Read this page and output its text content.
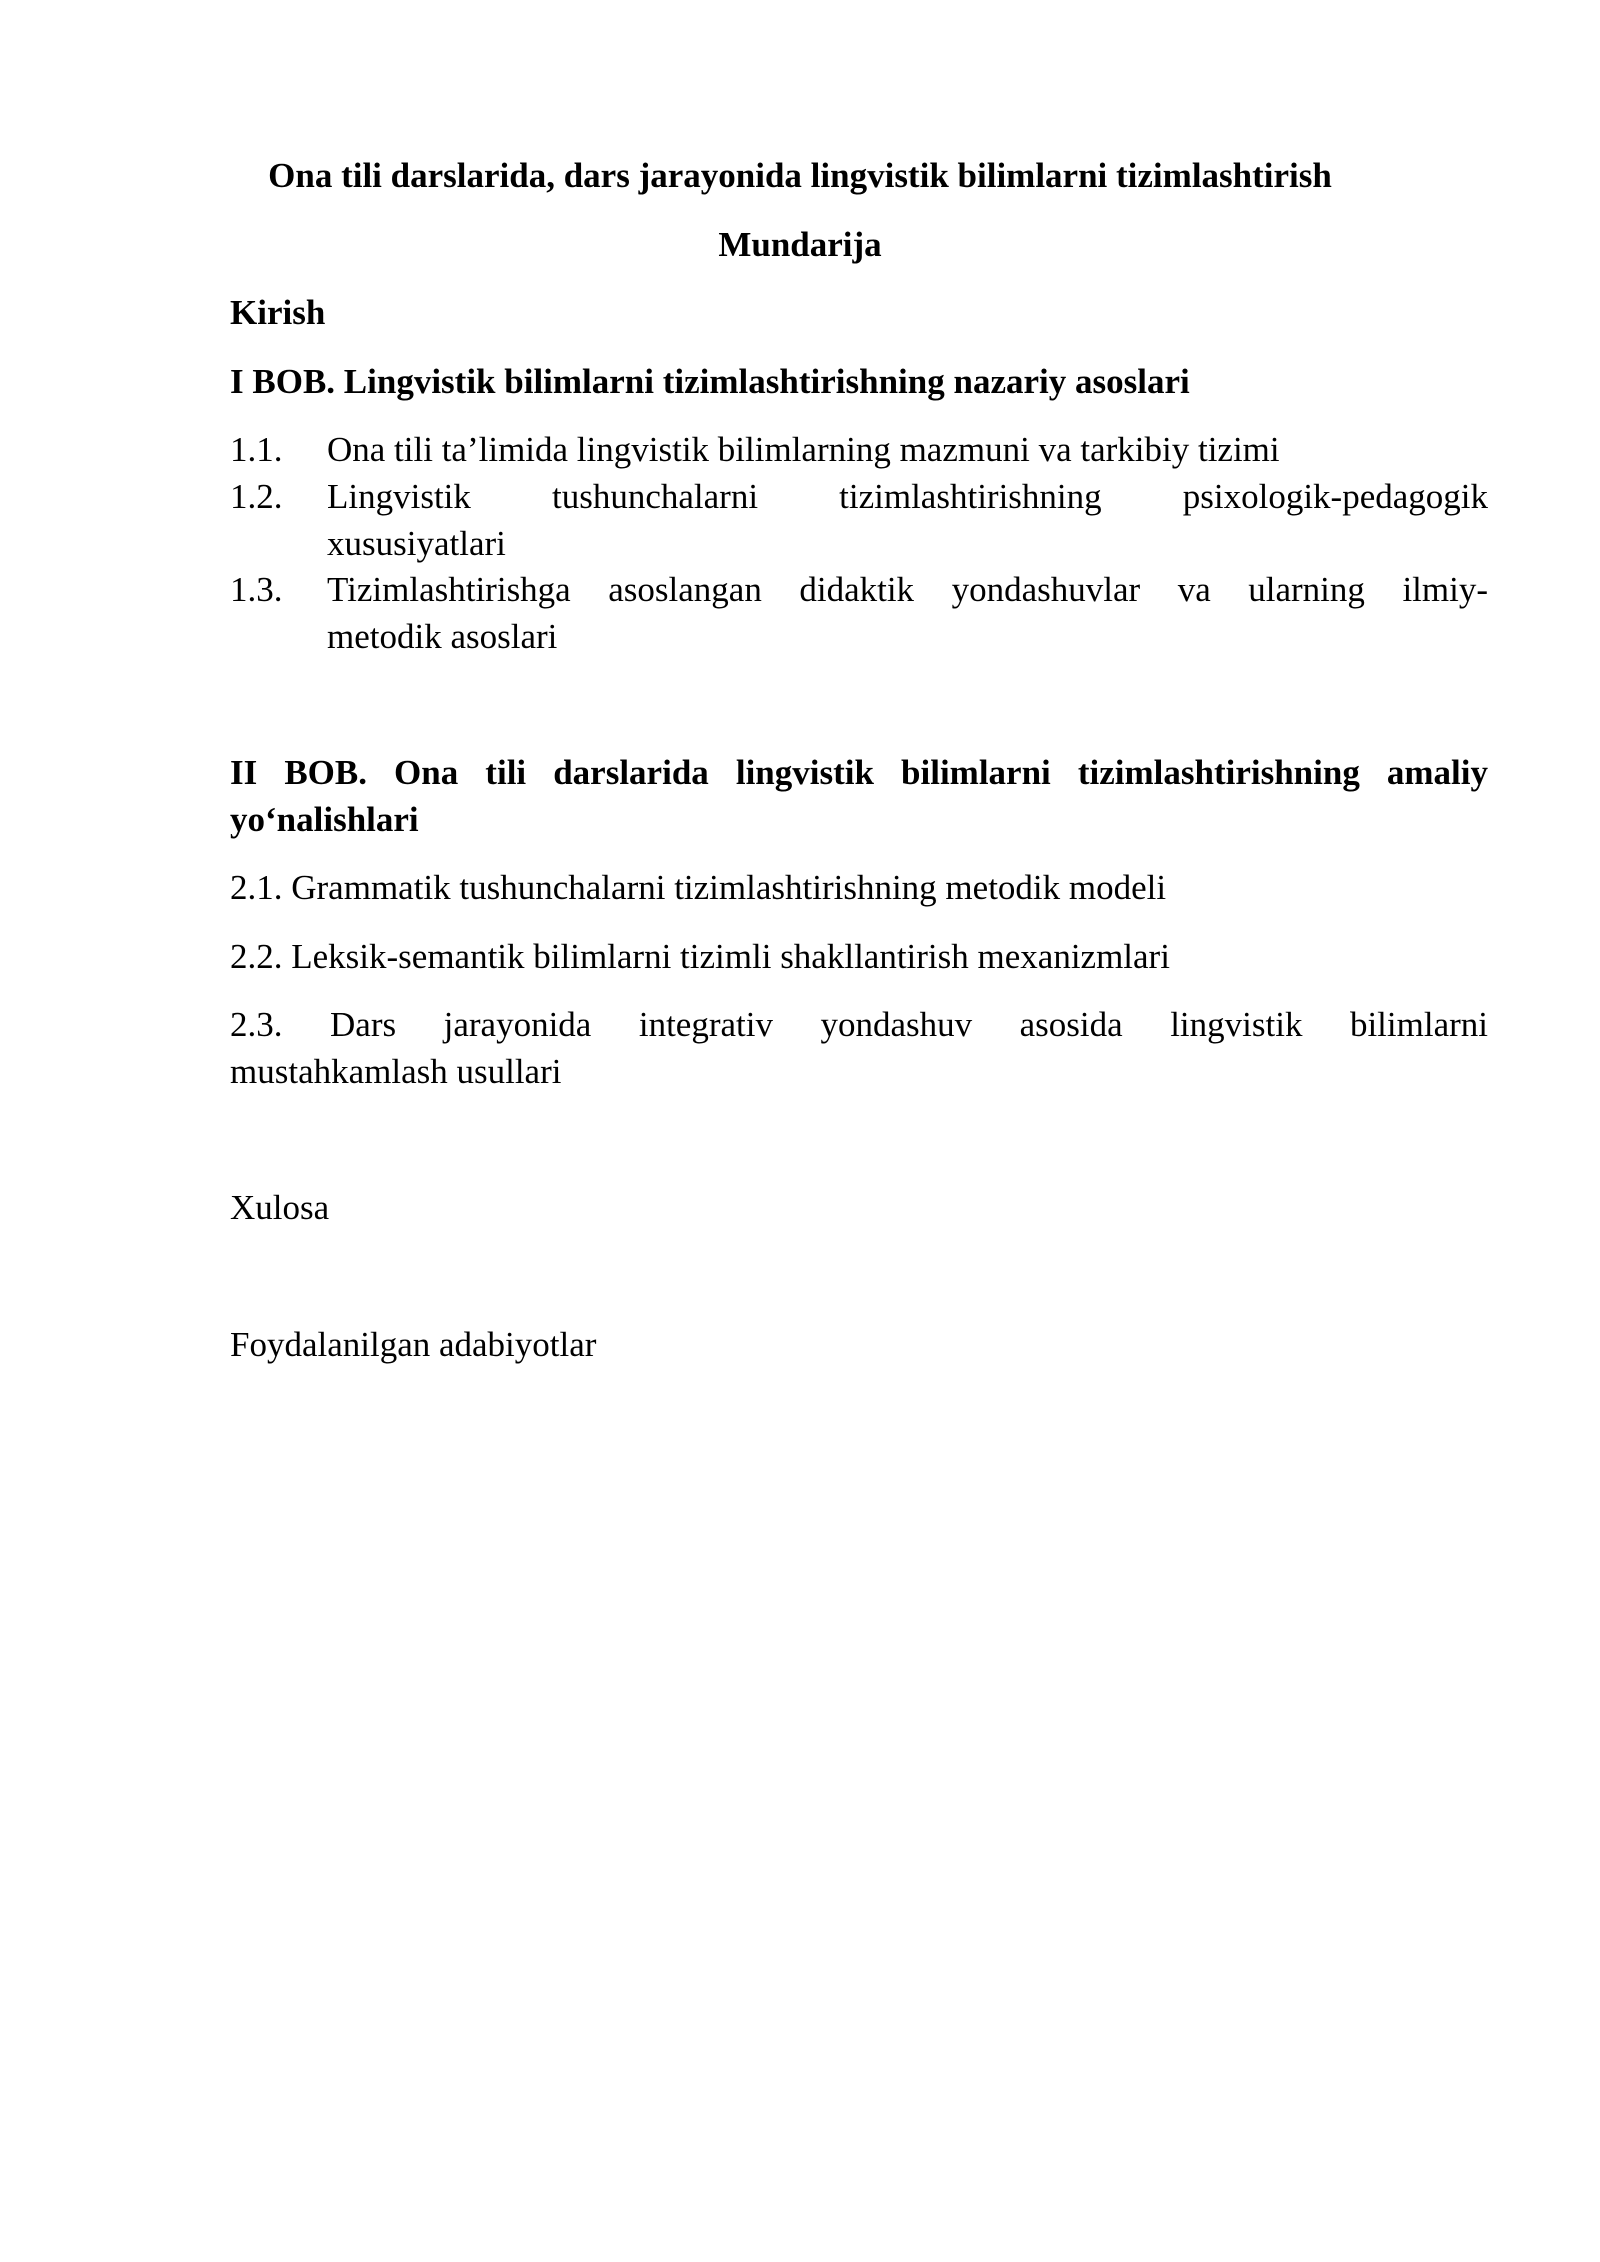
Ona tili darslarida, dars jarayonida lingvistik bilimlarni tizimlashtirish
Mundarija
Kirish
I BOB. Lingvistik bilimlarni tizimlashtirishning nazariy asoslari
1.1. Ona tili ta’limida lingvistik bilimlarning mazmuni va tarkibiy tizimi
1.2. Lingvistik tushunchalarni tizimlashtirishning psixologik-pedagogik
xususiyatlari
1.3. Tizimlashtirishga asoslangan didaktik yondashuvlar va ularning ilmiy-
metodik asoslari
II BOB. Ona tili darslarida lingvistik bilimlarni tizimlashtirishning amaliy
yo‘nalishlari
2.1. Grammatik tushunchalarni tizimlashtirishning metodik modeli
2.2. Leksik-semantik bilimlarni tizimli shakllantirish mexanizmlari
2.3. Dars jarayonida integrativ yondashuv asosida lingvistik bilimlarni
mustahkamlash usullari
Xulosa
Foydalanilgan adabiyotlar
